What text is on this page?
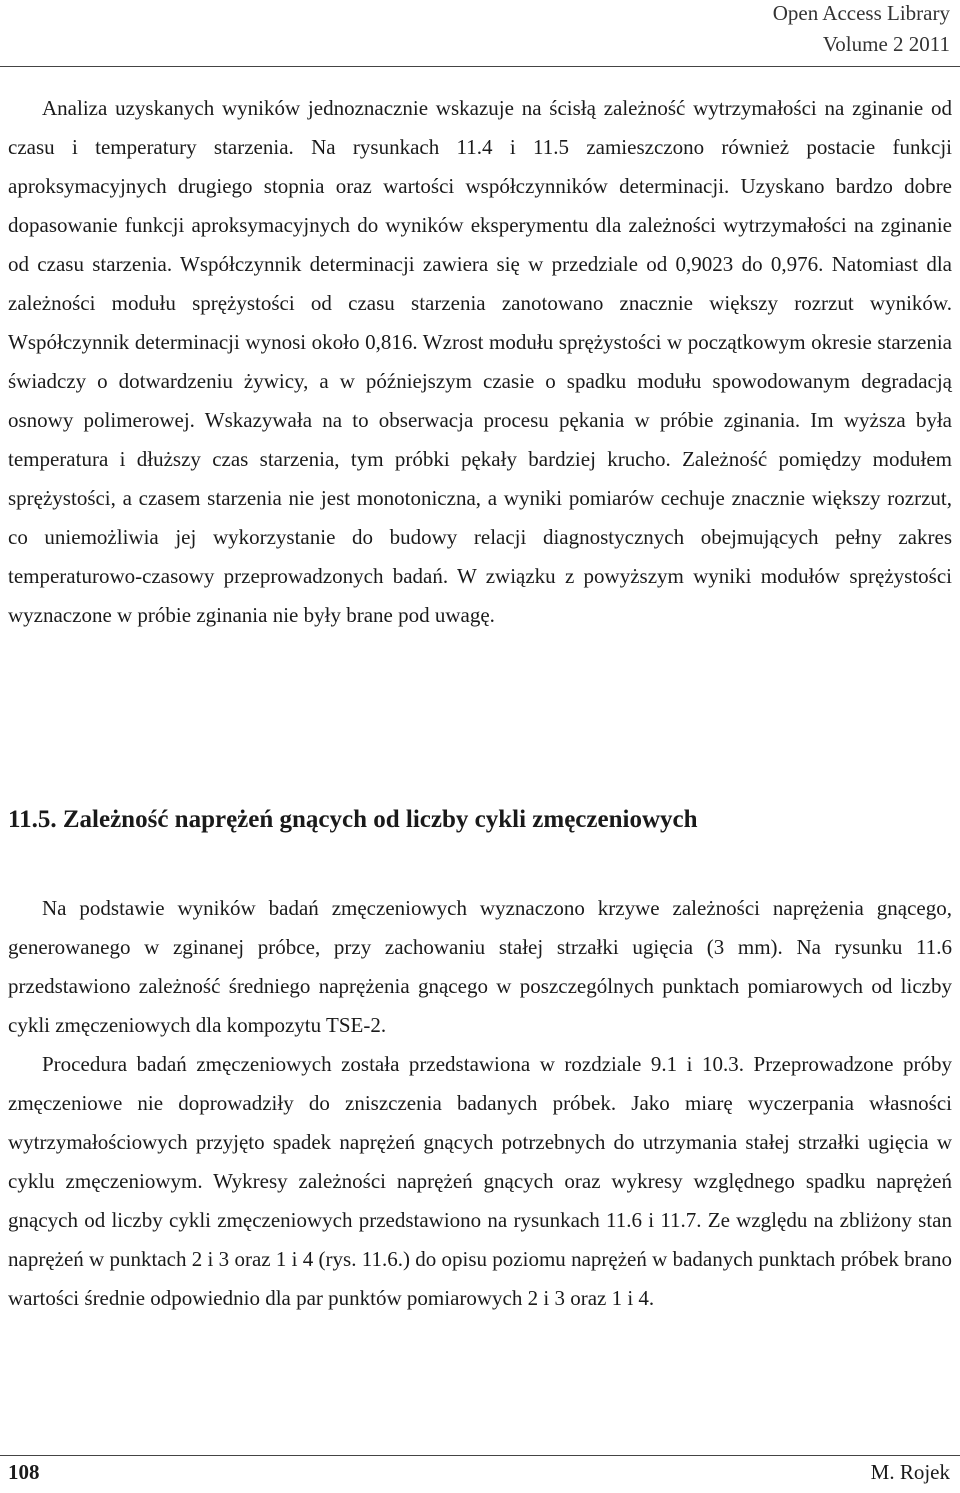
Open Access Library
Volume 2 2011

Analiza uzyskanych wyników jednoznacznie wskazuje na ścisłą zależność wytrzymałości na zginanie od czasu i temperatury starzenia. Na rysunkach 11.4 i 11.5 zamieszczono również postacie funkcji aproksymacyjnych drugiego stopnia oraz wartości współczynników determinacji. Uzyskano bardzo dobre dopasowanie funkcji aproksymacyjnych do wyników eksperymentu dla zależności wytrzymałości na zginanie od czasu starzenia. Współczynnik determinacji zawiera się w przedziale od 0,9023 do 0,976. Natomiast dla zależności modułu sprężystości od czasu starzenia zanotowano znacznie większy rozrzut wyników. Współczynnik determinacji wynosi około 0,816. Wzrost modułu sprężystości w początkowym okresie starzenia świadczy o dotwardzeniu żywicy, a w późniejszym czasie o spadku modułu spowodowanym degradacją osnowy polimerowej. Wskazywała na to obserwacja procesu pękania w próbie zginania. Im wyższa była temperatura i dłuższy czas starzenia, tym próbki pękały bardziej krucho. Zależność pomiędzy modułem sprężystości, a czasem starzenia nie jest monotoniczna, a wyniki pomiarów cechuje znacznie większy rozrzut, co uniemożliwia jej wykorzystanie do budowy relacji diagnostycznych obejmujących pełny zakres temperaturowo-czasowy przeprowadzonych badań. W związku z powyższym wyniki modułów sprężystości wyznaczone w próbie zginania nie były brane pod uwagę.

11.5. Zależność naprężeń gnących od liczby cykli zmęczeniowych

Na podstawie wyników badań zmęczeniowych wyznaczono krzywe zależności naprężenia gnącego, generowanego w zginanej próbce, przy zachowaniu stałej strzałki ugięcia (3 mm). Na rysunku 11.6 przedstawiono zależność średniego naprężenia gnącego w poszczególnych punktach pomiarowych od liczby cykli zmęczeniowych dla kompozytu TSE-2.

Procedura badań zmęczeniowych została przedstawiona w rozdziale 9.1 i 10.3. Przeprowadzone próby zmęczeniowe nie doprowadziły do zniszczenia badanych próbek. Jako miarę wyczerpania własności wytrzymałościowych przyjęto spadek naprężeń gnących potrzebnych do utrzymania stałej strzałki ugięcia w cyklu zmęczeniowym. Wykresy zależności naprężeń gnących oraz wykresy względnego spadku naprężeń gnących od liczby cykli zmęczeniowych przedstawiono na rysunkach 11.6 i 11.7. Ze względu na zbliżony stan naprężeń w punktach 2 i 3 oraz 1 i 4 (rys. 11.6.) do opisu poziomu naprężeń w badanych punktach próbek brano wartości średnie odpowiednio dla par punktów pomiarowych 2 i 3 oraz 1 i 4.

108	M. Rojek
